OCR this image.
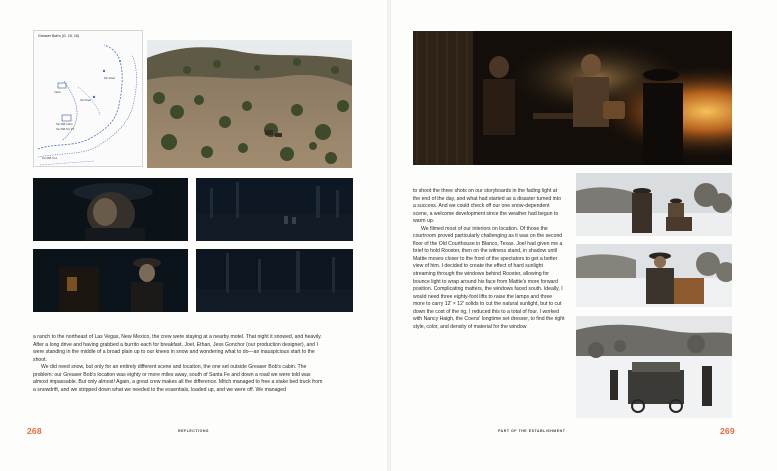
Greaser Bob's (G. 15, 16)
Cabin
Set Road
Dirt Road
Set 46B Cabin
Set 46B Fire Pit
Set 46B Tree

a ranch to the northeast of Las Vegas, New Mexico, the crew were staying at a nearby motel. That night it snowed, and heavily. After a long drive and having grabbed a burrito each for breakfast, Joel, Ethan, Jess Gonchor (our production designer), and I were standing in the middle of a broad plain up to our knees in snow and wondering what to do—an inauspicious start to the shoot.

We did need snow, but only for an entirely different scene and location, the one set outside Greaser Bob's cabin. The problem: our Greaser Bob's location was eighty or more miles away, south of Santa Fe and down a road we were told was almost impassable. But only almost! Again, a great crew makes all the difference. Mitch managed to free a stake bed truck from a snowdrift, and we stripped down what we needed to the essentials, loaded up, and we were off. We managed

268	REFLECTIONS

to shoot the three shots on our storyboards in the fading light at the end of the day, and what had started as a disaster turned into a success. And we could check off our one snow-dependent scene, a welcome development since the weather had begun to warm up.

We filmed most of our interiors on location. Of those the courtroom proved particularly challenging as it was on the second floor of the Old Courthouse in Blanco, Texas. Joel had given me a brief to hold Rooster, then on the witness stand, in shadow until Mattie moves closer to the front of the spectators to get a better view of him. I decided to create the effect of hard sunlight streaming through the windows behind Rooster, allowing for bounce light to wrap around his face from Mattie's more forward position. Complicating matters, the windows faced south. Ideally, I would need three eighty-foot lifts to raise the lamps and three more to carry 12' × 12' solids to cut the natural sunlight, but to cut down the cost of the rig, I reduced this to a total of four. I worked with Nancy Haigh, the Coens' longtime set dresser, to find the right style, color, and density of material for the window

PART OF THE ESTABLISHMENT	269
